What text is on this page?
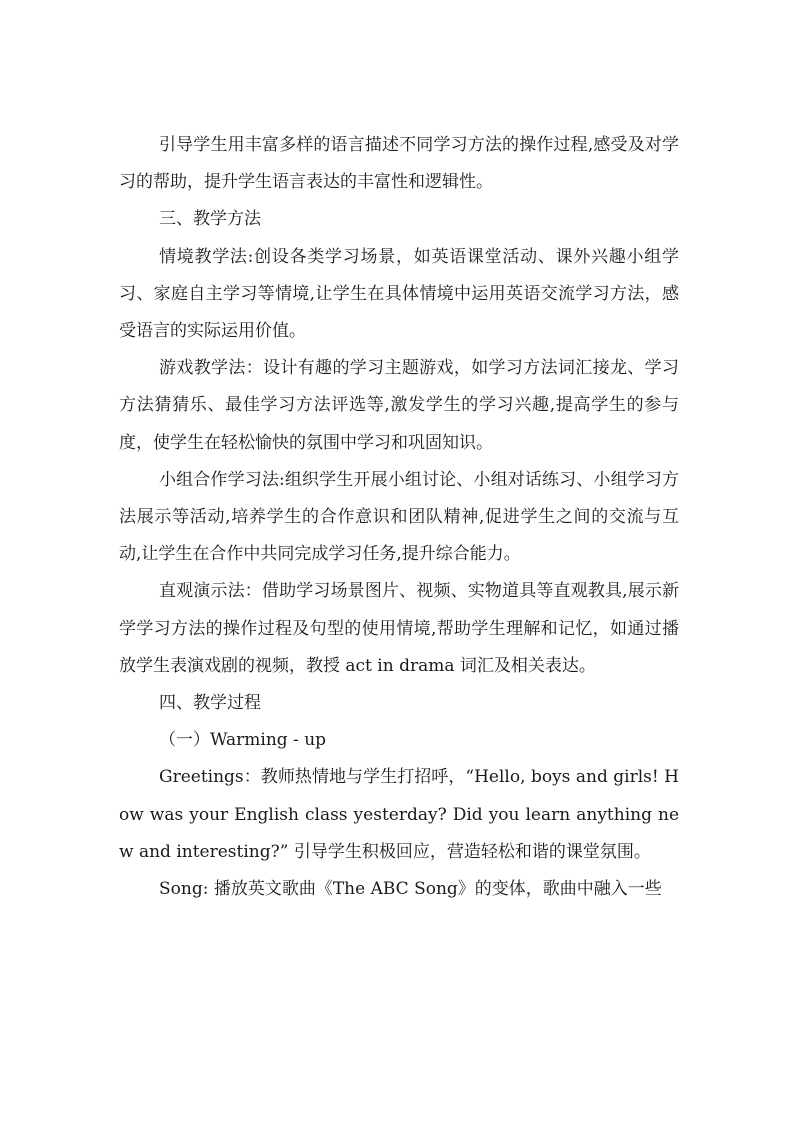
引导学生用丰富多样的语言描述不同学习方法的操作过程,感受及对学习的帮助，提升学生语言表达的丰富性和逻辑性。

三、教学方法

情境教学法:创设各类学习场景，如英语课堂活动、课外兴趣小组学习、家庭自主学习等情境,让学生在具体情境中运用英语交流学习方法，感受语言的实际运用价值。

游戏教学法：设计有趣的学习主题游戏，如学习方法词汇接龙、学习方法猜猜乐、最佳学习方法评选等,激发学生的学习兴趣,提高学生的参与度，使学生在轻松愉快的氛围中学习和巩固知识。

小组合作学习法:组织学生开展小组讨论、小组对话练习、小组学习方法展示等活动,培养学生的合作意识和团队精神,促进学生之间的交流与互动,让学生在合作中共同完成学习任务,提升综合能力。

直观演示法：借助学习场景图片、视频、实物道具等直观教具,展示新学学习方法的操作过程及句型的使用情境,帮助学生理解和记忆，如通过播放学生表演戏剧的视频，教授 act in drama 词汇及相关表达。

四、教学过程

（一）Warming - up

Greetings：教师热情地与学生打招呼，“Hello, boys and girls! How was your English class yesterday? Did you learn anything new and interesting?” 引导学生积极回应，营造轻松和谐的课堂氛围。

Song: 播放英文歌曲《The ABC Song》的变体，歌曲中融入一些
